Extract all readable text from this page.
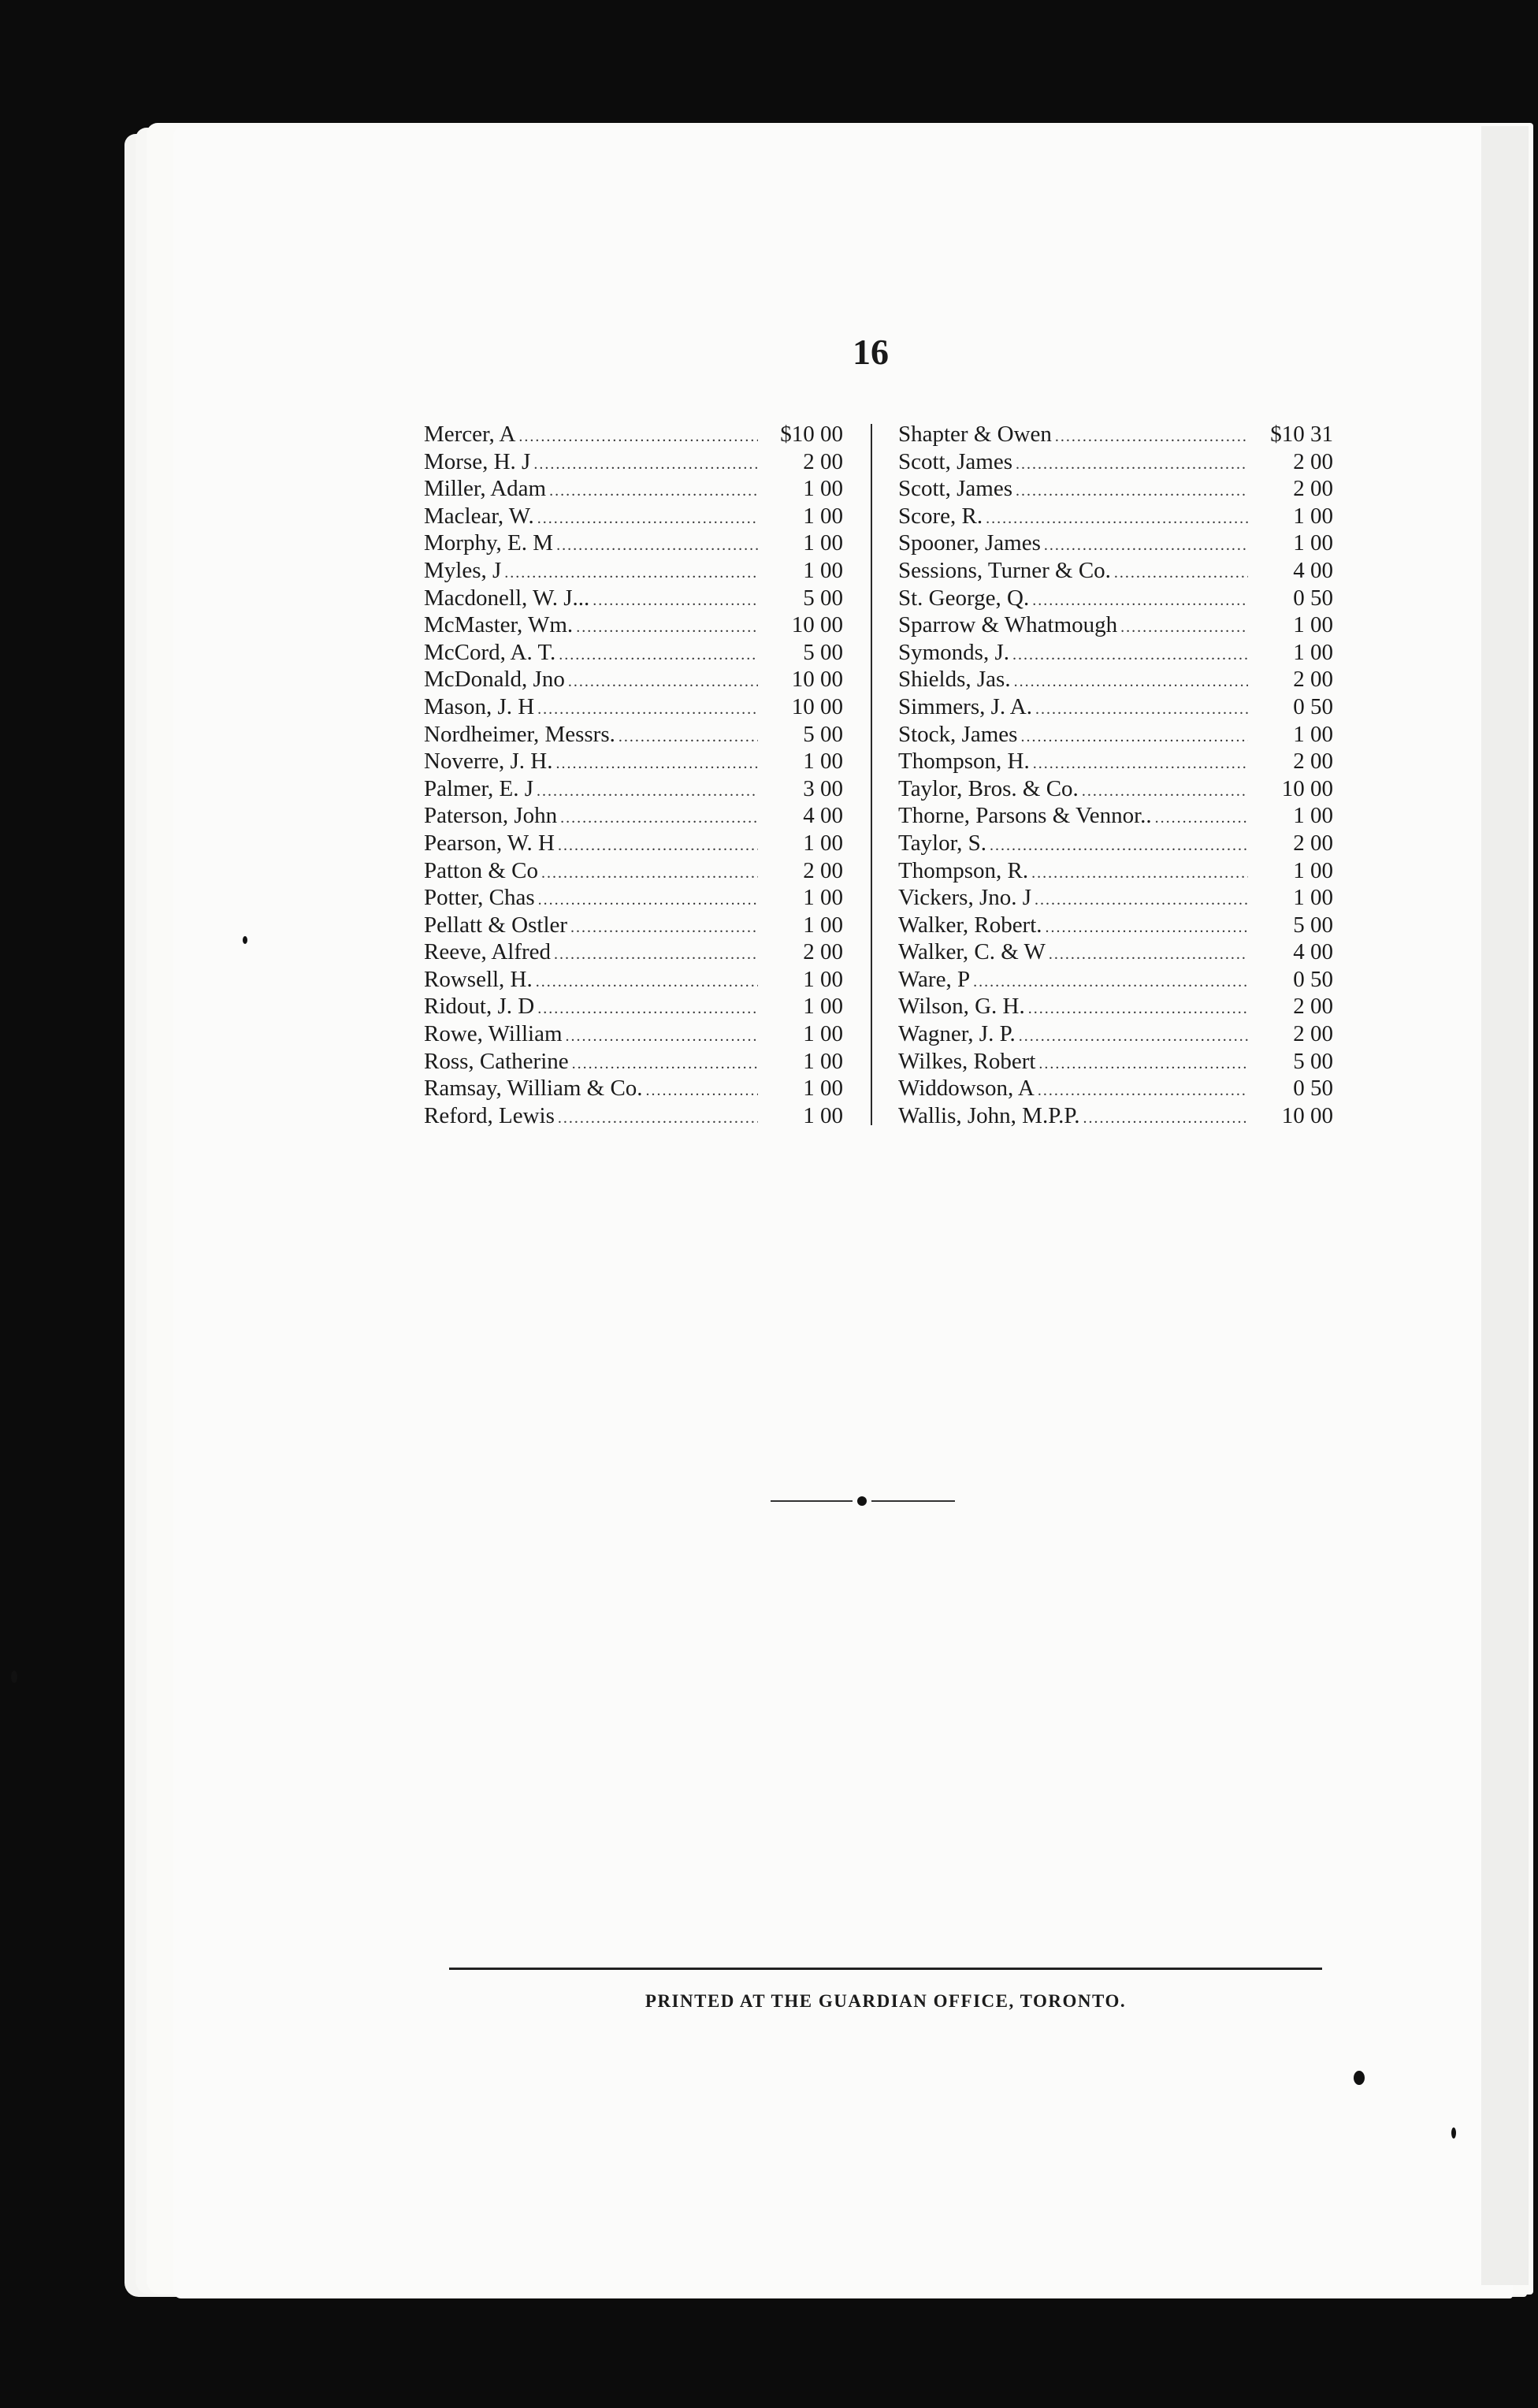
16
Mercer, A .....	$10 00
Morse, H. J .....	2 00
Miller, Adam .....	1 00
Maclear, W. .....	1 00
Morphy, E. M .....	1 00
Myles, J .....	1 00
Macdonell, W. J... .....	5 00
McMaster, Wm. .....	10 00
McCord, A. T. .....	5 00
McDonald, Jno .....	10 00
Mason, J. H .....	10 00
Nordheimer, Messrs. .....	5 00
Noverre, J. H. .....	1 00
Palmer, E. J .....	3 00
Paterson, John .....	4 00
Pearson, W. H .....	1 00
Patton & Co .....	2 00
Potter, Chas .....	1 00
Pellatt & Ostler .....	1 00
Reeve, Alfred .....	2 00
Rowsell, H. .....	1 00
Ridout, J. D .....	1 00
Rowe, William .....	1 00
Ross, Catherine .....	1 00
Ramsay, William & Co. .....	1 00
Reford, Lewis .....	1 00
Shapter & Owen .....	$10 31
Scott, James .....	2 00
Scott, James .....	2 00
Score, R. .....	1 00
Spooner, James .....	1 00
Sessions, Turner & Co. .....	4 00
St. George, Q. .....	0 50
Sparrow & Whatmough .....	1 00
Symonds, J. .....	1 00
Shields, Jas. .....	2 00
Simmers, J. A. .....	0 50
Stock, James .....	1 00
Thompson, H. .....	2 00
Taylor, Bros. & Co. .....	10 00
Thorne, Parsons & Vennor.. .....	1 00
Taylor, S. .....	2 00
Thompson, R. .....	1 00
Vickers, Jno. J .....	1 00
Walker, Robert. .....	5 00
Walker, C. & W .....	4 00
Ware, P .....	0 50
Wilson, G. H. .....	2 00
Wagner, J. P. .....	2 00
Wilkes, Robert .....	5 00
Widdowson, A .....	0 50
Wallis, John, M.P.P. .....	10 00
PRINTED AT THE GUARDIAN OFFICE, TORONTO.
